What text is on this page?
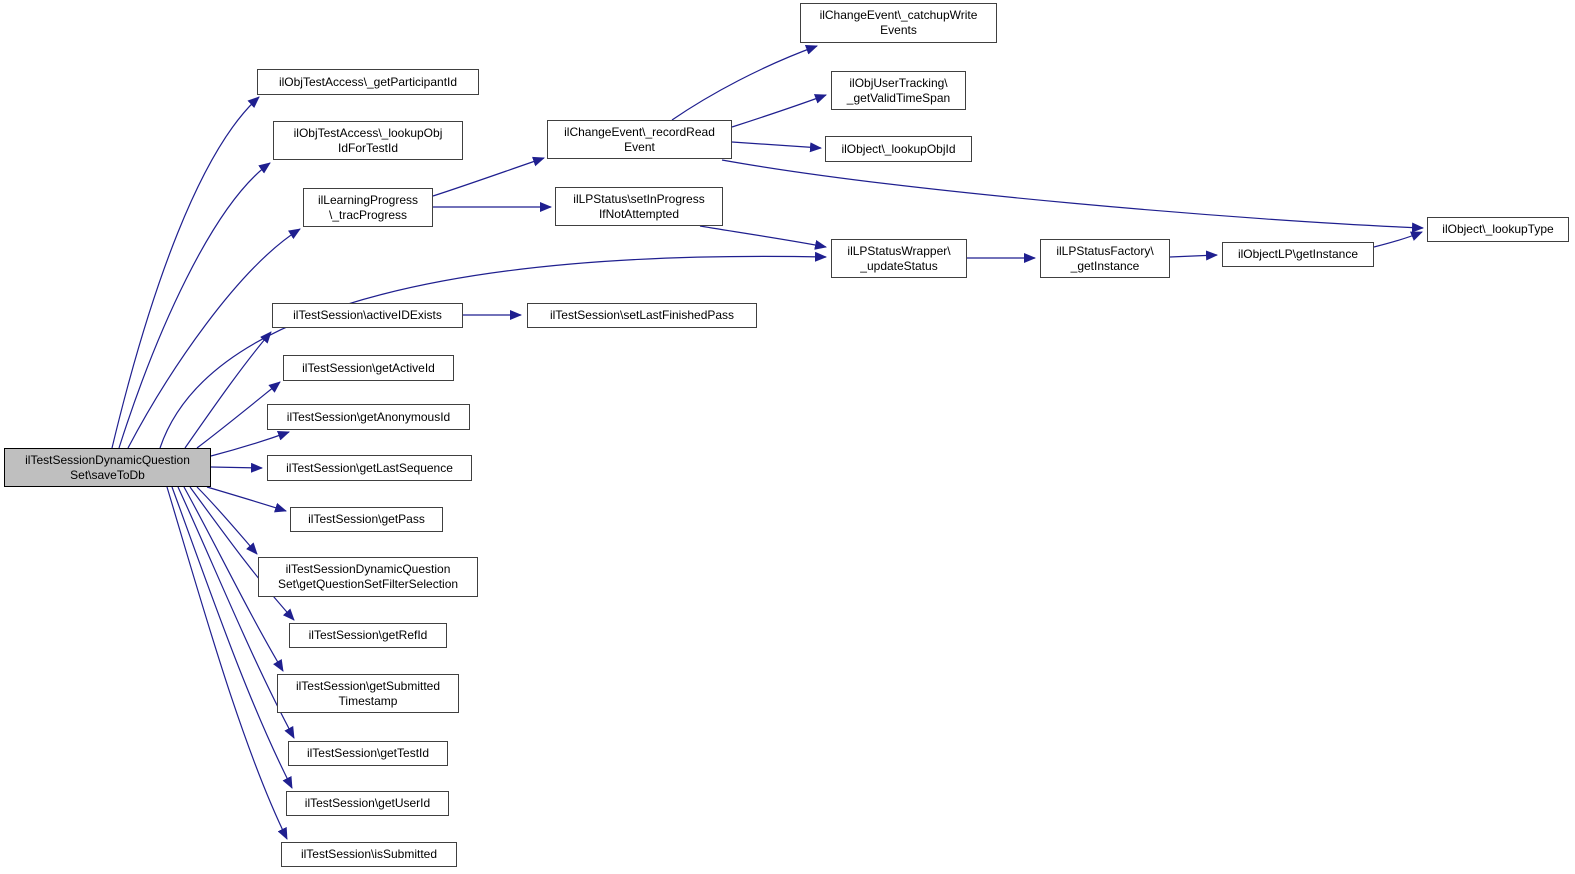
ilTestSessionDynamicQuestion
Set\saveToDb
ilObjTestAccess\_getParticipantId
ilObjTestAccess\_lookupObj
IdForTestId
ilLearningProgress
\_tracProgress
ilChangeEvent\_recordRead
Event
ilChangeEvent\_catchupWrite
Events
ilObjUserTracking\
_getValidTimeSpan
ilObject\_lookupObjId
ilLPStatus\setInProgress
IfNotAttempted
ilLPStatusWrapper\
_updateStatus
ilLPStatusFactory\
_getInstance
ilObjectLP\getInstance
ilObject\_lookupType
ilTestSession\activeIDExists	ilTestSession\setLastFinishedPass
ilTestSession\getActiveId
ilTestSession\getAnonymousId
ilTestSession\getLastSequence
ilTestSession\getPass
ilTestSessionDynamicQuestion
Set\getQuestionSetFilterSelection
ilTestSession\getRefId
ilTestSession\getSubmitted
Timestamp
ilTestSession\getTestId
ilTestSession\getUserId
ilTestSession\isSubmitted
